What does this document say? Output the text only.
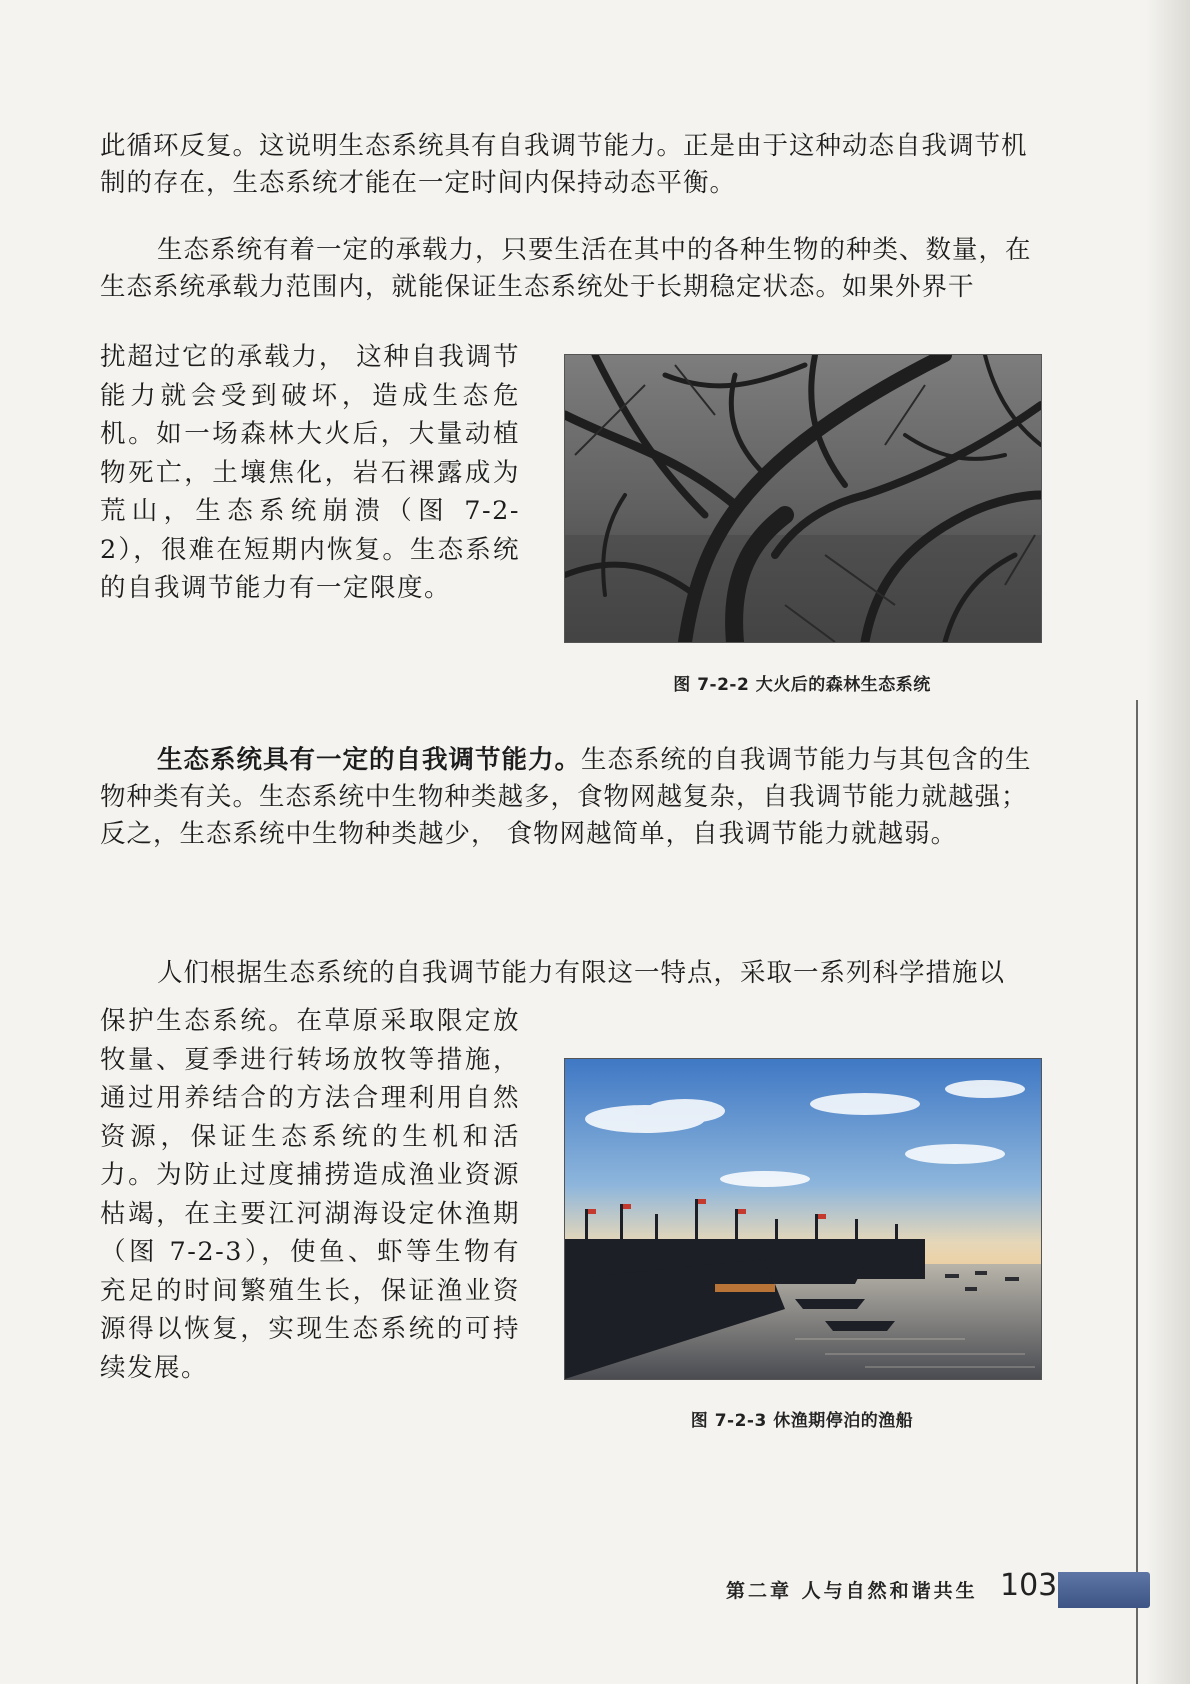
此循环反复。这说明生态系统具有自我调节能力。正是由于这种动态自我调节机制的存在，生态系统才能在一定时间内保持动态平衡。

生态系统有着一定的承载力，只要生活在其中的各种生物的种类、数量，在生态系统承载力范围内，就能保证生态系统处于长期稳定状态。如果外界干

扰超过它的承载力， 这种自我调节能力就会受到破坏，造成生态危机。如一场森林大火后，大量动植物死亡，土壤焦化，岩石裸露成为荒山，生态系统崩溃（图 7-2-2），很难在短期内恢复。生态系统的自我调节能力有一定限度。

图 7-2-2 大火后的森林生态系统

生态系统具有一定的自我调节能力。生态系统的自我调节能力与其包含的生物种类有关。生态系统中生物种类越多，食物网越复杂，自我调节能力就越强；反之，生态系统中生物种类越少， 食物网越简单，自我调节能力就越弱。

人们根据生态系统的自我调节能力有限这一特点，采取一系列科学措施以

保护生态系统。在草原采取限定放牧量、夏季进行转场放牧等措施，通过用养结合的方法合理利用自然资源，保证生态系统的生机和活力。为防止过度捕捞造成渔业资源枯竭，在主要江河湖海设定休渔期（图 7-2-3），使鱼、虾等生物有充足的时间繁殖生长，保证渔业资源得以恢复，实现生态系统的可持续发展。

图 7-2-3 休渔期停泊的渔船
第二章 人与自然和谐共生 103
